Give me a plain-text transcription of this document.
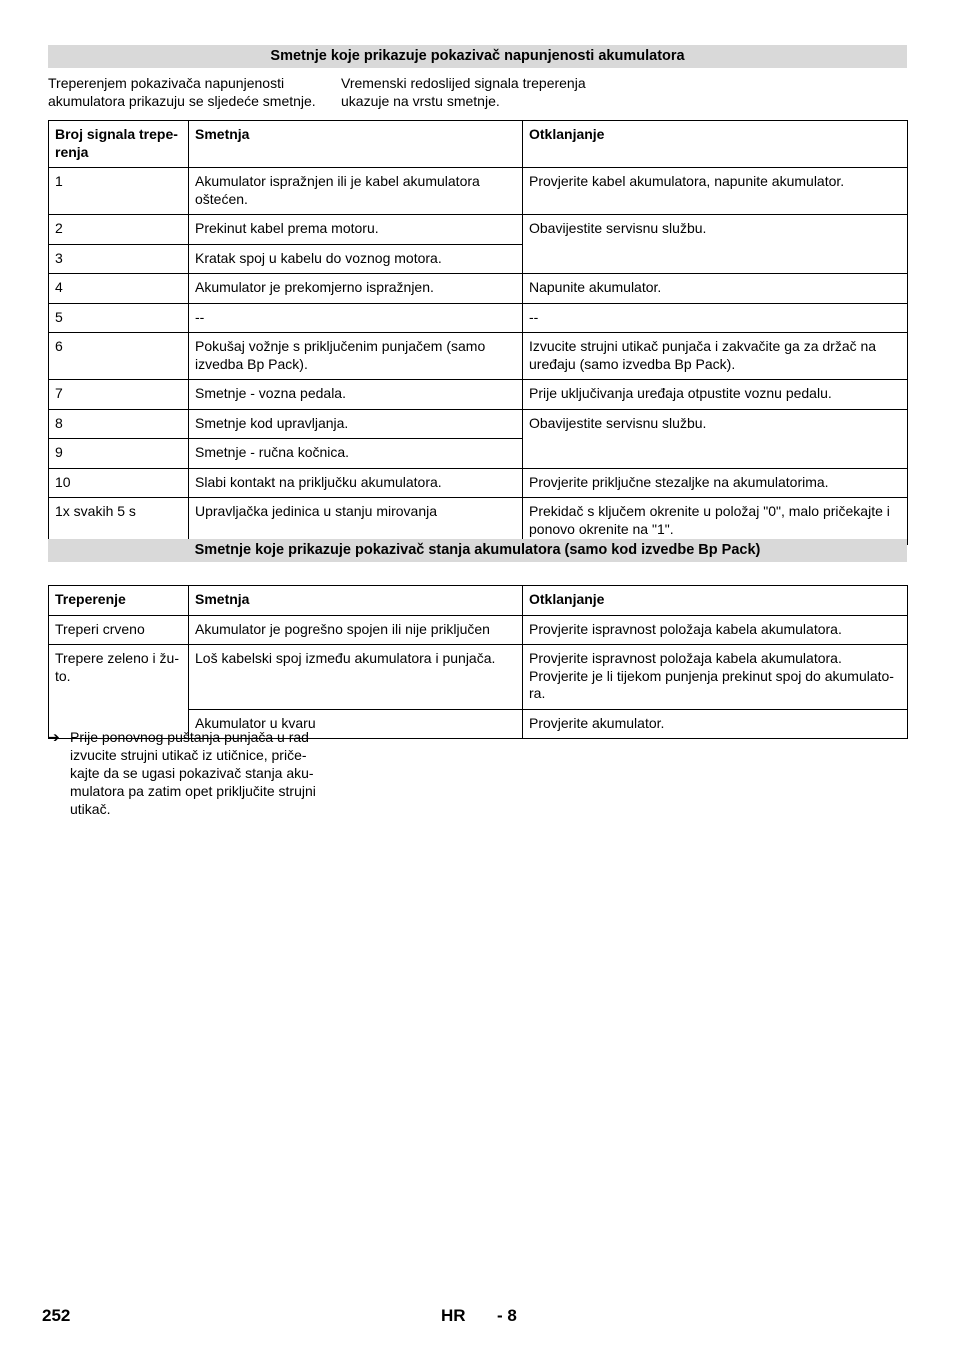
Smetnje koje prikazuje pokazivač napunjenosti akumulatora
Treperenjem pokazivača napunjenosti akumulatora prikazuju se sljedeće smetnje.
Vremenski redoslijed signala treperenja ukazuje na vrstu smetnje.
Broj signala trepe-renja	Smetnja	Otklanjanje
1	Akumulator ispražnjen ili je kabel akumulatora oštećen.	Provjerite kabel akumulatora, napunite akumulator.
2	Prekinut kabel prema motoru.	Obavijestite servisnu službu.
3	Kratak spoj u kabelu do voznog motora.	
4	Akumulator je prekomjerno ispražnjen.	Napunite akumulator.
5	--	--
6	Pokušaj vožnje s priključenim punjačem (samo izvedba Bp Pack).	Izvucite strujni utikač punjača i zakvačite ga za držač na uređaju (samo izvedba Bp Pack).
7	Smetnje - vozna pedala.	Prije uključivanja uređaja otpustite voznu pedalu.
8	Smetnje kod upravljanja.	Obavijestite servisnu službu.
9	Smetnje - ručna kočnica.	
10	Slabi kontakt na priključku akumulatora.	Provjerite priključne stezaljke na akumulatorima.
1x svakih 5 s	Upravljačka jedinica u stanju mirovanja	Prekidač s ključem okrenite u položaj "0", malo pričekajte i ponovo okrenite na "1".
Smetnje koje prikazuje pokazivač stanja akumulatora (samo kod izvedbe Bp Pack)
Treperenje	Smetnja	Otklanjanje
Treperi crveno	Akumulator je pogrešno spojen ili nije priključen	Provjerite ispravnost položaja kabela akumulatora.
Trepere zeleno i žu-to.	Loš kabelski spoj između akumulatora i punjača.	Provjerite ispravnost položaja kabela akumulatora. Provjerite je li tijekom punjenja prekinut spoj do akumulato-ra.
	Akumulator u kvaru	Provjerite akumulator.
➔ Prije ponovnog puštanja punjača u rad izvucite strujni utikač iz utičnice, priče-kajte da se ugasi pokazivač stanja aku-mulatora pa zatim opet priključite strujni utikač.
252	HR - 8
